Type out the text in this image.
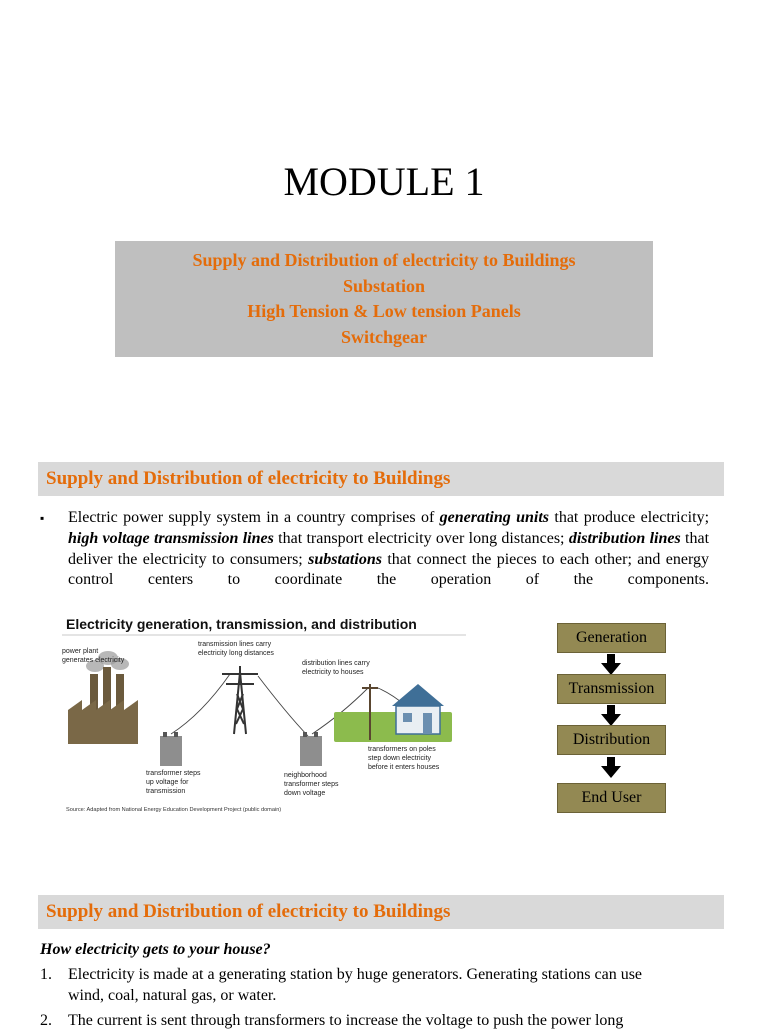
MODULE 1
Supply and Distribution of electricity to Buildings
Substation
High Tension & Low tension Panels
Switchgear
Supply and Distribution of electricity to Buildings
▪ Electric power supply system in a country comprises of generating units that produce electricity; high voltage transmission lines that transport electricity over long distances; distribution lines that deliver the electricity to consumers; substations that connect the pieces to each other; and energy control centers to coordinate the operation of the components.
Electricity generation, transmission, and distribution
power plant
generates electricity
transmission lines carry
electricity long distances
distribution lines carry
electricity to houses
transformer steps
up voltage for
transmission
neighborhood
transformer steps
down voltage
transformers on poles
step down electricity
before it enters houses
Source: Adapted from National Energy Education Development Project (public domain)
Generation
Transmission
Distribution
End User
Supply and Distribution of electricity to Buildings
How electricity gets to your house?
1. Electricity is made at a generating station by huge generators. Generating stations can use
wind, coal, natural gas, or water.
2. The current is sent through transformers to increase the voltage to push the power long
